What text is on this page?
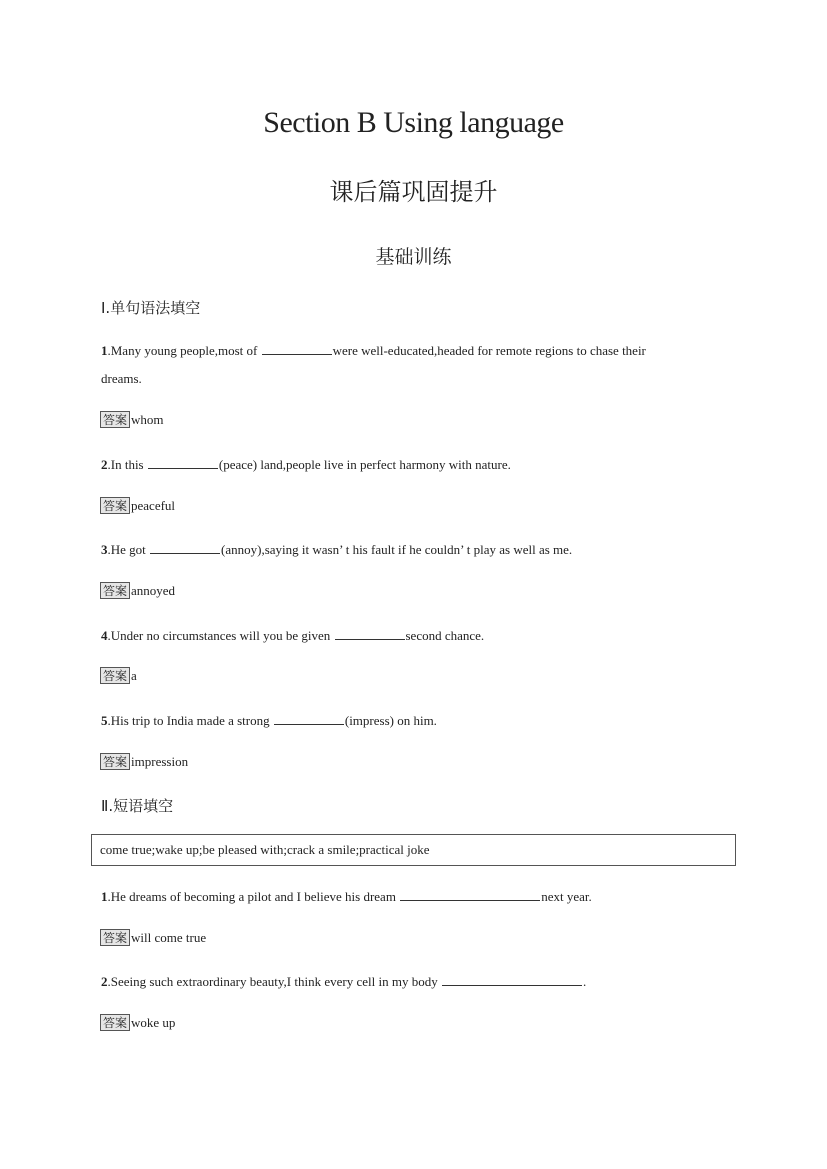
Section B Using language
课后篇巩固提升
基础训练
Ⅰ.单句语法填空
1.Many young people,most of	were well-educated,headed for remote regions to chase their
dreams.
答案 whom
2.In this	(peace) land,people live in perfect harmony with nature.
答案 peaceful
3.He got	(annoy),saying it wasn’ t his fault if he couldn’ t play as well as me.
答案 annoyed
4.Under no circumstances will you be given	second chance.
答案 a
5.His trip to India made a strong	(impress) on him.
答案 impression
Ⅱ.短语填空
come true;wake up;be pleased with;crack a smile;practical joke
1.He dreams of becoming a pilot and I believe his dream	next year.
答案 will come true
2.Seeing such extraordinary beauty,I think every cell in my body	.
答案 woke up
